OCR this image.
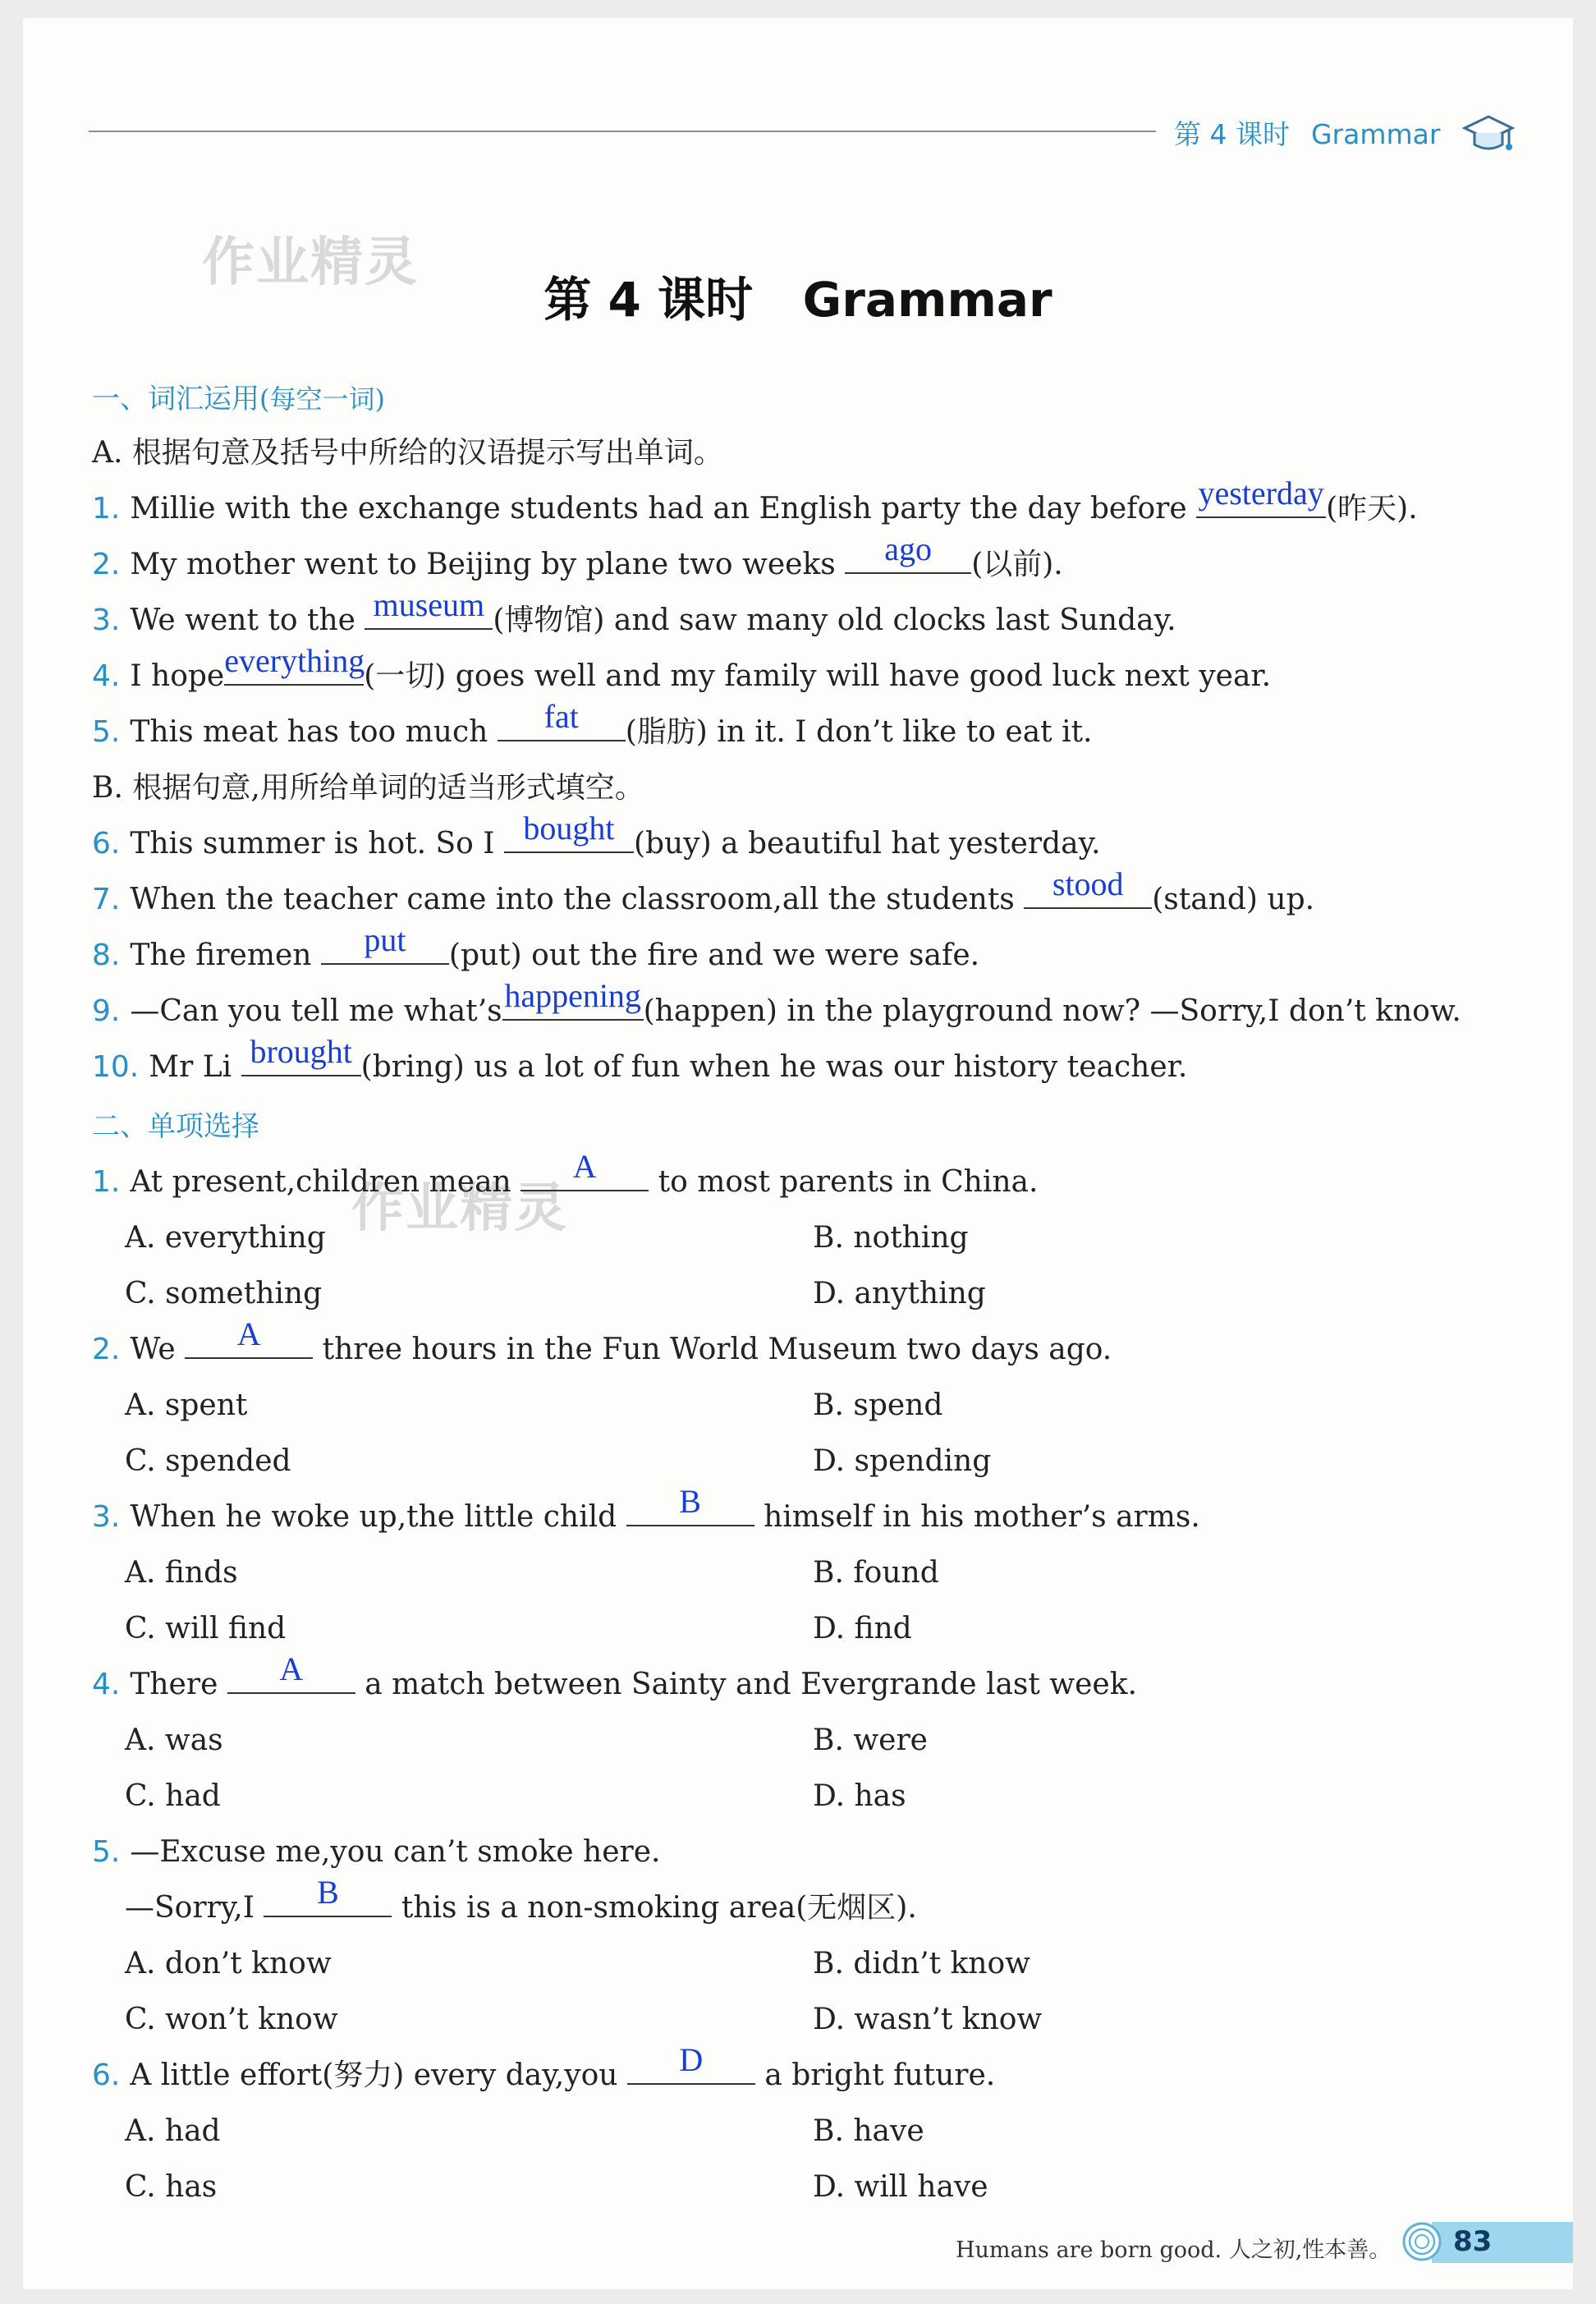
第 4 课时 Grammar
作业精灵
作业精灵
第 4 课时   Grammar
一、词汇运用(每空一词)
A. 根据句意及括号中所给的汉语提示写出单词。
1. Millie with the exchange students had an English party the day before yesterday (昨天).
2. My mother went to Beijing by plane two weeks	ago	(以前).
3. We went to the museum (博物馆) and saw many old clocks last Sunday.
4. I hope everything
(一切) goes well and my family will have good luck next year.
5. This meat has too much	fat	(脂肪) in it. I don’t like to eat it.
B. 根据句意,用所给单词的适当形式填空。
6. This summer is hot. So I bought (buy) a beautiful hat yesterday.
7. When the teacher came into the classroom,all the students stood (stand) up.
8. The firemen	put	(put) out the fire and we were safe.
9. —Can you tell me what’s happening (happen) in the playground now? —Sorry,I don’t know.
10. Mr Li brought (bring) us a lot of fun when he was our history teacher.
二、单项选择
1. At present,children mean	A	to most parents in China.
A. everything	B. nothing
C. something	D. anything
2. We	A	three hours in the Fun World Museum two days ago.
A. spent	B. spend
C. spended	D. spending
3. When he woke up,the little child	B	himself in his mother’s arms.
A. finds	B. found
C. will find	D. find
4. There	A	a match between Sainty and Evergrande last week.
A. was	B. were
C. had	D. has
5. —Excuse me,you can’t smoke here.
—Sorry,I	B	this is a non-smoking area(无烟区).
A. don’t know	B. didn’t know
C. won’t know	D. wasn’t know
6. A little effort(努力) every day,you	D	a bright future.
A. had	B. have
C. has	D. will have
Humans are born good. 人之初,性本善。 83
